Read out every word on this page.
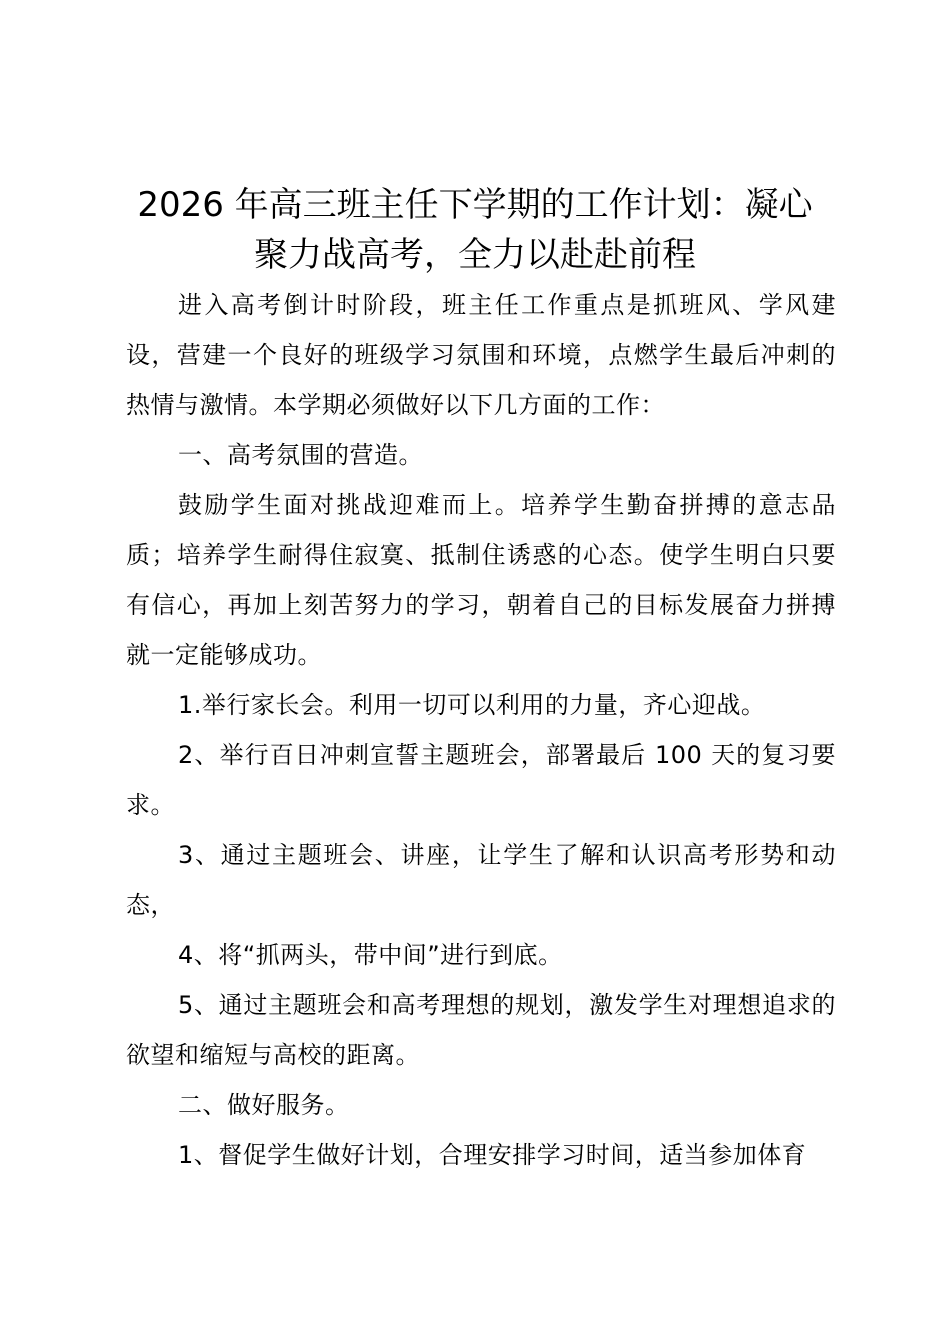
2026 年高三班主任下学期的工作计划：凝心
聚力战高考，全力以赴赴前程

进入高考倒计时阶段，班主任工作重点是抓班风、学风建设，营建一个良好的班级学习氛围和环境，点燃学生最后冲刺的热情与激情。本学期必须做好以下几方面的工作：

一、高考氛围的营造。

鼓励学生面对挑战迎难而上。培养学生勤奋拼搏的意志品质；培养学生耐得住寂寞、抵制住诱惑的心态。使学生明白只要有信心，再加上刻苦努力的学习，朝着自己的目标发展奋力拼搏就一定能够成功。

1.举行家长会。利用一切可以利用的力量，齐心迎战。

2、举行百日冲刺宣誓主题班会，部署最后 100 天的复习要求。

3、通过主题班会、讲座，让学生了解和认识高考形势和动态，

4、将“抓两头，带中间”进行到底。

5、通过主题班会和高考理想的规划，激发学生对理想追求的欲望和缩短与高校的距离。

二、做好服务。

1、督促学生做好计划，合理安排学习时间，适当参加体育
